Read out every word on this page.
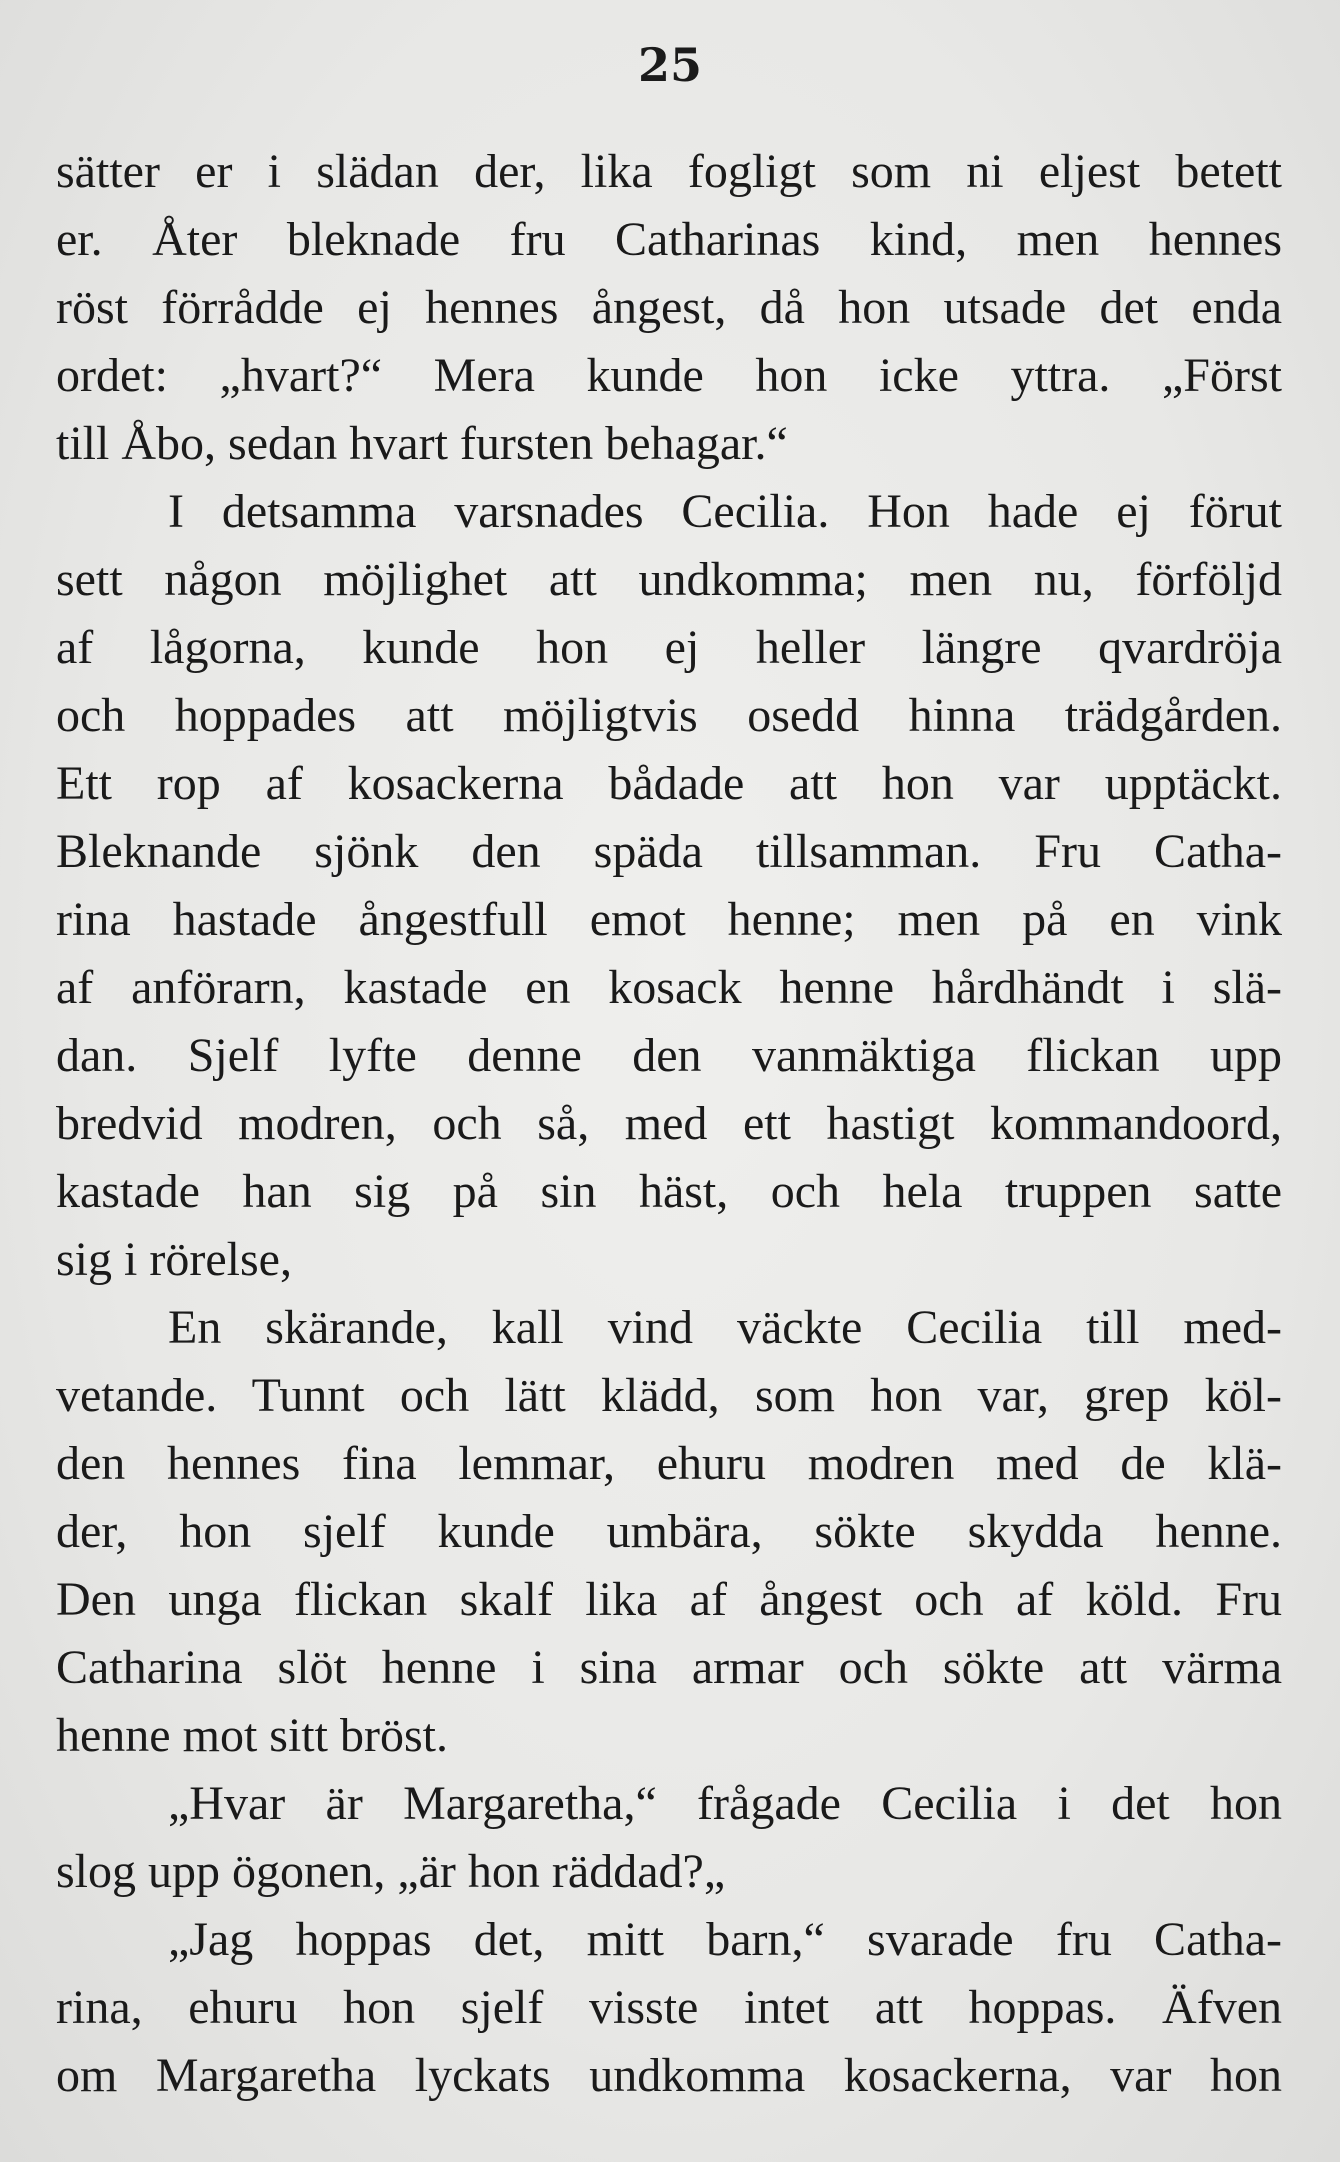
25
sätter er i slädan der, lika fogligt som ni eljest betett
er. Åter bleknade fru Catharinas kind, men hennes
röst förrådde ej hennes ångest, då hon utsade det enda
ordet: „hvart?“ Mera kunde hon icke yttra. „Först
till Åbo, sedan hvart fursten behagar.“
I detsamma varsnades Cecilia. Hon hade ej förut
sett någon möjlighet att undkomma; men nu, förföljd
af lågorna, kunde hon ej heller längre qvardröja
och hoppades att möjligtvis osedd hinna trädgården.
Ett rop af kosackerna bådade att hon var upptäckt.
Bleknande sjönk den späda tillsamman. Fru Catha-
rina hastade ångestfull emot henne; men på en vink
af anförarn, kastade en kosack henne hårdhändt i slä-
dan. Sjelf lyfte denne den vanmäktiga flickan upp
bredvid modren, och så, med ett hastigt kommandoord,
kastade han sig på sin häst, och hela truppen satte
sig i rörelse,
En skärande, kall vind väckte Cecilia till med-
vetande. Tunnt och lätt klädd, som hon var, grep köl-
den hennes fina lemmar, ehuru modren med de klä-
der, hon sjelf kunde umbära, sökte skydda henne.
Den unga flickan skalf lika af ångest och af köld. Fru
Catharina slöt henne i sina armar och sökte att värma
henne mot sitt bröst.
„Hvar är Margaretha,“ frågade Cecilia i det hon
slog upp ögonen, „är hon räddad?„
„Jag hoppas det, mitt barn,“ svarade fru Catha-
rina, ehuru hon sjelf visste intet att hoppas. Äfven
om Margaretha lyckats undkomma kosackerna, var hon
